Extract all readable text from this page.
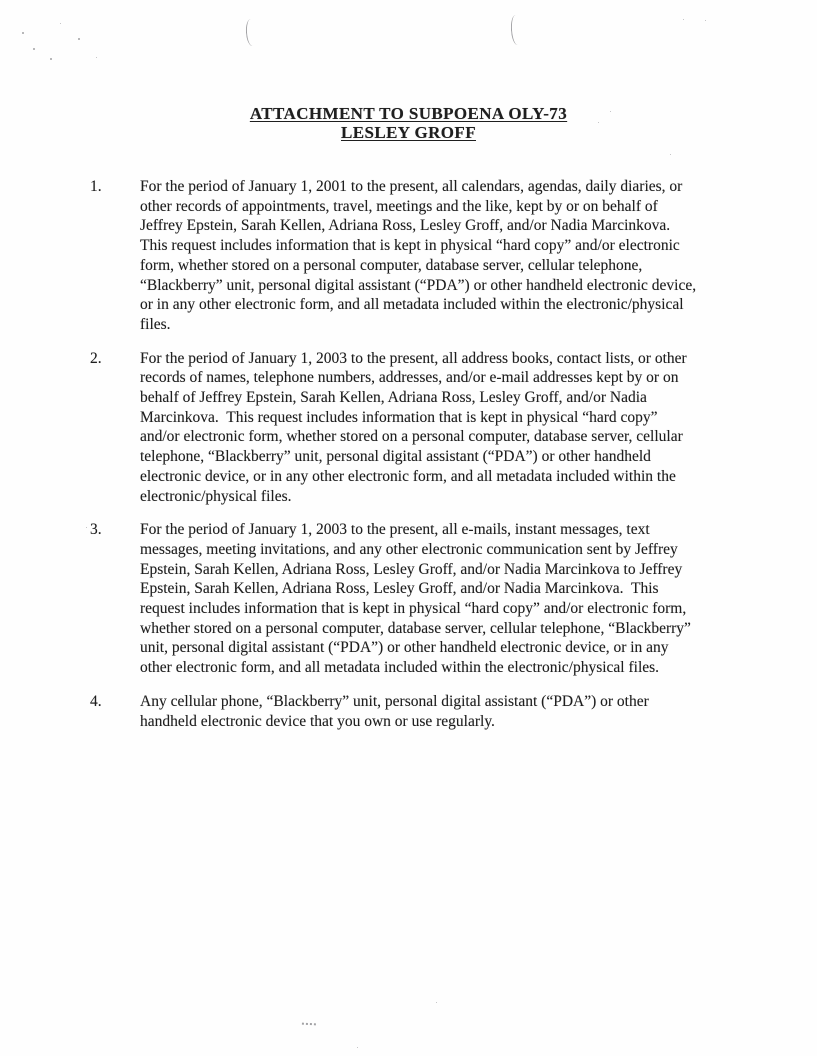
ATTACHMENT TO SUBPOENA OLY-73
LESLEY GROFF
1.	For the period of January 1, 2001 to the present, all calendars, agendas, daily diaries, or
other records of appointments, travel, meetings and the like, kept by or on behalf of
Jeffrey Epstein, Sarah Kellen, Adriana Ross, Lesley Groff, and/or Nadia Marcinkova.
This request includes information that is kept in physical “hard copy” and/or electronic
form, whether stored on a personal computer, database server, cellular telephone,
“Blackberry” unit, personal digital assistant (“PDA”) or other handheld electronic device,
or in any other electronic form, and all metadata included within the electronic/physical
files.
2.	For the period of January 1, 2003 to the present, all address books, contact lists, or other
records of names, telephone numbers, addresses, and/or e-mail addresses kept by or on
behalf of Jeffrey Epstein, Sarah Kellen, Adriana Ross, Lesley Groff, and/or Nadia
Marcinkova.  This request includes information that is kept in physical “hard copy”
and/or electronic form, whether stored on a personal computer, database server, cellular
telephone, “Blackberry” unit, personal digital assistant (“PDA”) or other handheld
electronic device, or in any other electronic form, and all metadata included within the
electronic/physical files.
3.	For the period of January 1, 2003 to the present, all e-mails, instant messages, text
messages, meeting invitations, and any other electronic communication sent by Jeffrey
Epstein, Sarah Kellen, Adriana Ross, Lesley Groff, and/or Nadia Marcinkova to Jeffrey
Epstein, Sarah Kellen, Adriana Ross, Lesley Groff, and/or Nadia Marcinkova.  This
request includes information that is kept in physical “hard copy” and/or electronic form,
whether stored on a personal computer, database server, cellular telephone, “Blackberry”
unit, personal digital assistant (“PDA”) or other handheld electronic device, or in any
other electronic form, and all metadata included within the electronic/physical files.
4.	Any cellular phone, “Blackberry” unit, personal digital assistant (“PDA”) or other
handheld electronic device that you own or use regularly.
